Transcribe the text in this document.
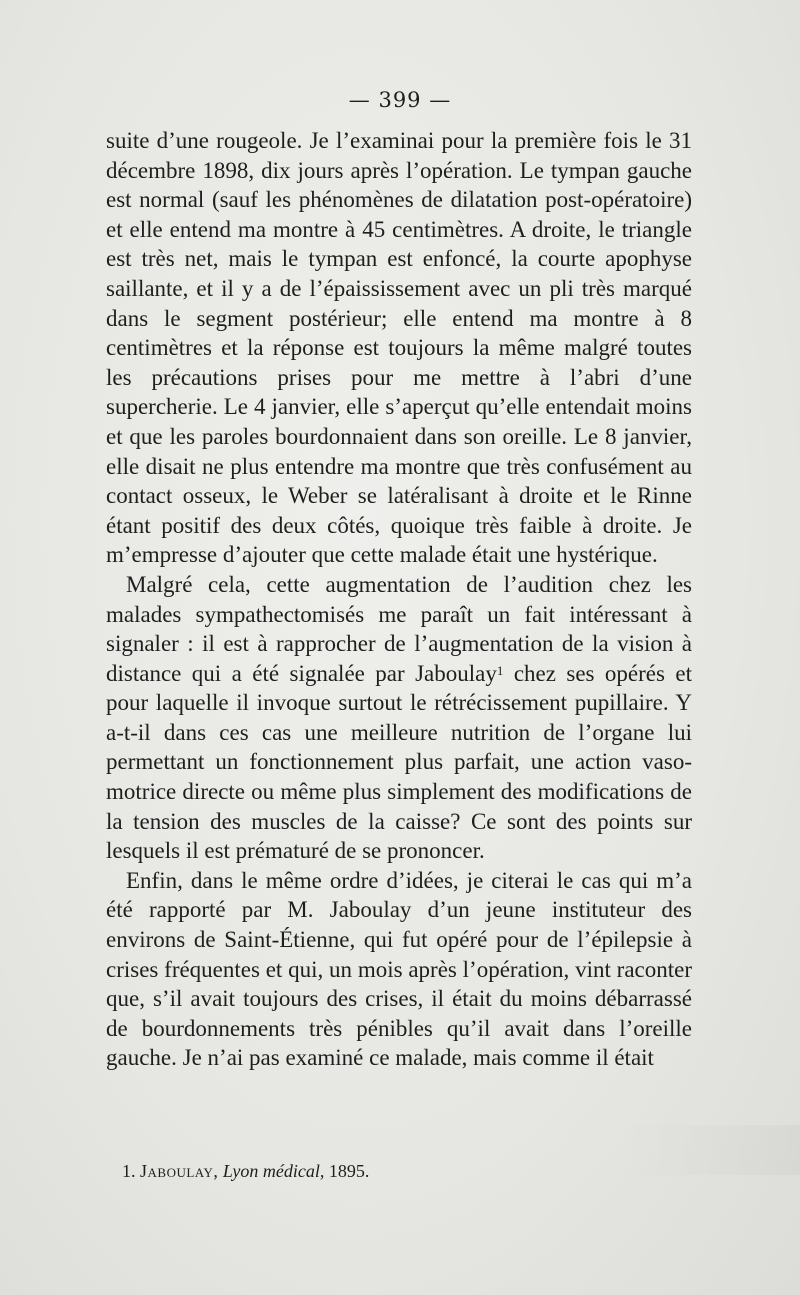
— 399 —

suite d’une rougeole. Je l’examinai pour la première fois le 31 décembre 1898, dix jours après l’opération. Le tympan gauche est normal (sauf les phénomènes de dilatation post-opératoire) et elle entend ma montre à 45 centimètres. A droite, le triangle est très net, mais le tympan est enfoncé, la courte apophyse saillante, et il y a de l’épaississement avec un pli très marqué dans le segment postérieur; elle entend ma montre à 8 centimètres et la réponse est toujours la même malgré toutes les précautions prises pour me mettre à l’abri d’une supercherie. Le 4 janvier, elle s’aperçut qu’elle entendait moins et que les paroles bourdonnaient dans son oreille. Le 8 janvier, elle disait ne plus entendre ma montre que très confusément au contact osseux, le Weber se latéralisant à droite et le Rinne étant positif des deux côtés, quoique très faible à droite. Je m’empresse d’ajouter que cette malade était une hystérique.

Malgré cela, cette augmentation de l’audition chez les malades sympathectomisés me paraît un fait intéressant à signaler : il est à rapprocher de l’augmentation de la vision à distance qui a été signalée par Jaboulay$^1$ chez ses opérés et pour laquelle il invoque surtout le rétrécissement pupillaire. Y a-t-il dans ces cas une meilleure nutrition de l’organe lui permettant un fonctionnement plus parfait, une action vaso-motrice directe ou même plus simplement des modifications de la tension des muscles de la caisse? Ce sont des points sur lesquels il est prématuré de se prononcer.

Enfin, dans le même ordre d’idées, je citerai le cas qui m’a été rapporté par M. Jaboulay d’un jeune instituteur des environs de Saint-Étienne, qui fut opéré pour de l’épilepsie à crises fréquentes et qui, un mois après l’opération, vint raconter que, s’il avait toujours des crises, il était du moins débarrassé de bourdonnements très pénibles qu’il avait dans l’oreille gauche. Je n’ai pas examiné ce malade, mais comme il était

1. Jaboulay, Lyon médical, 1895.
